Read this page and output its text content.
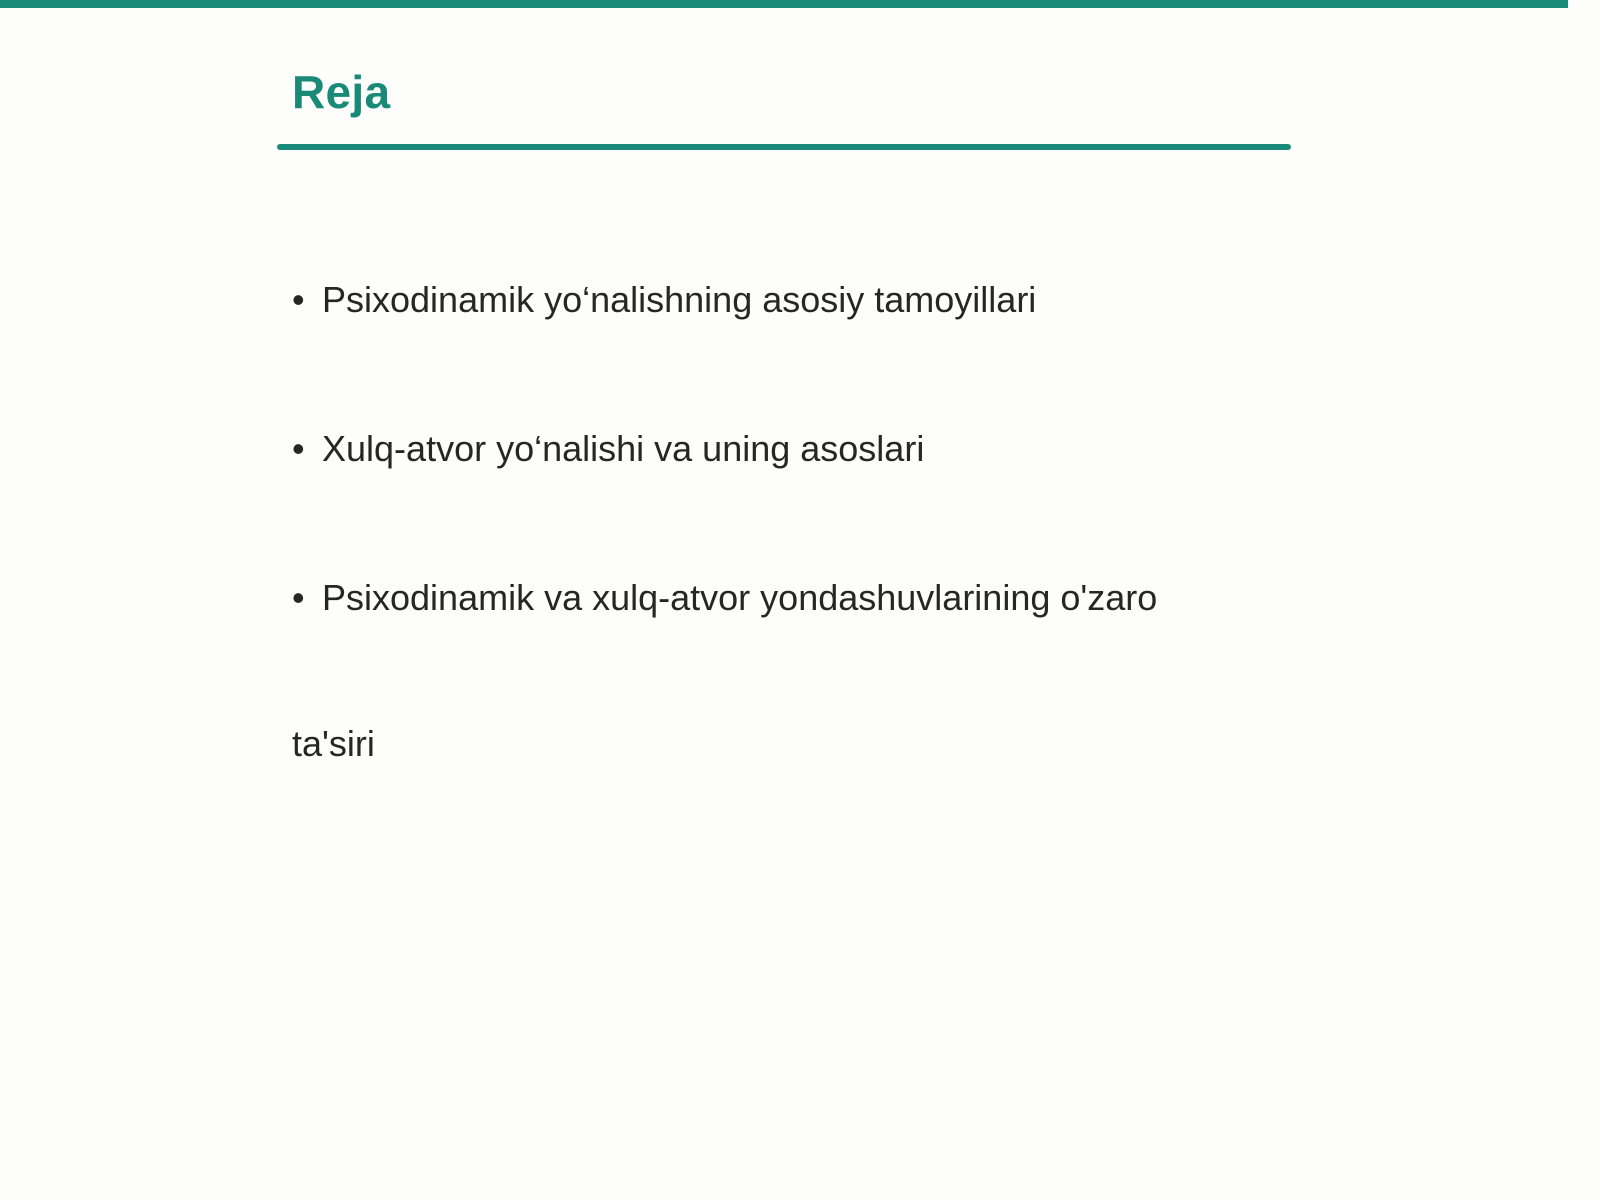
Reja
• Psixodinamik yo‘nalishning asosiy tamoyillari
• Xulq-atvor yo‘nalishi va uning asoslari
• Psixodinamik va xulq-atvor yondashuvlarining o'zaro

ta'siri
